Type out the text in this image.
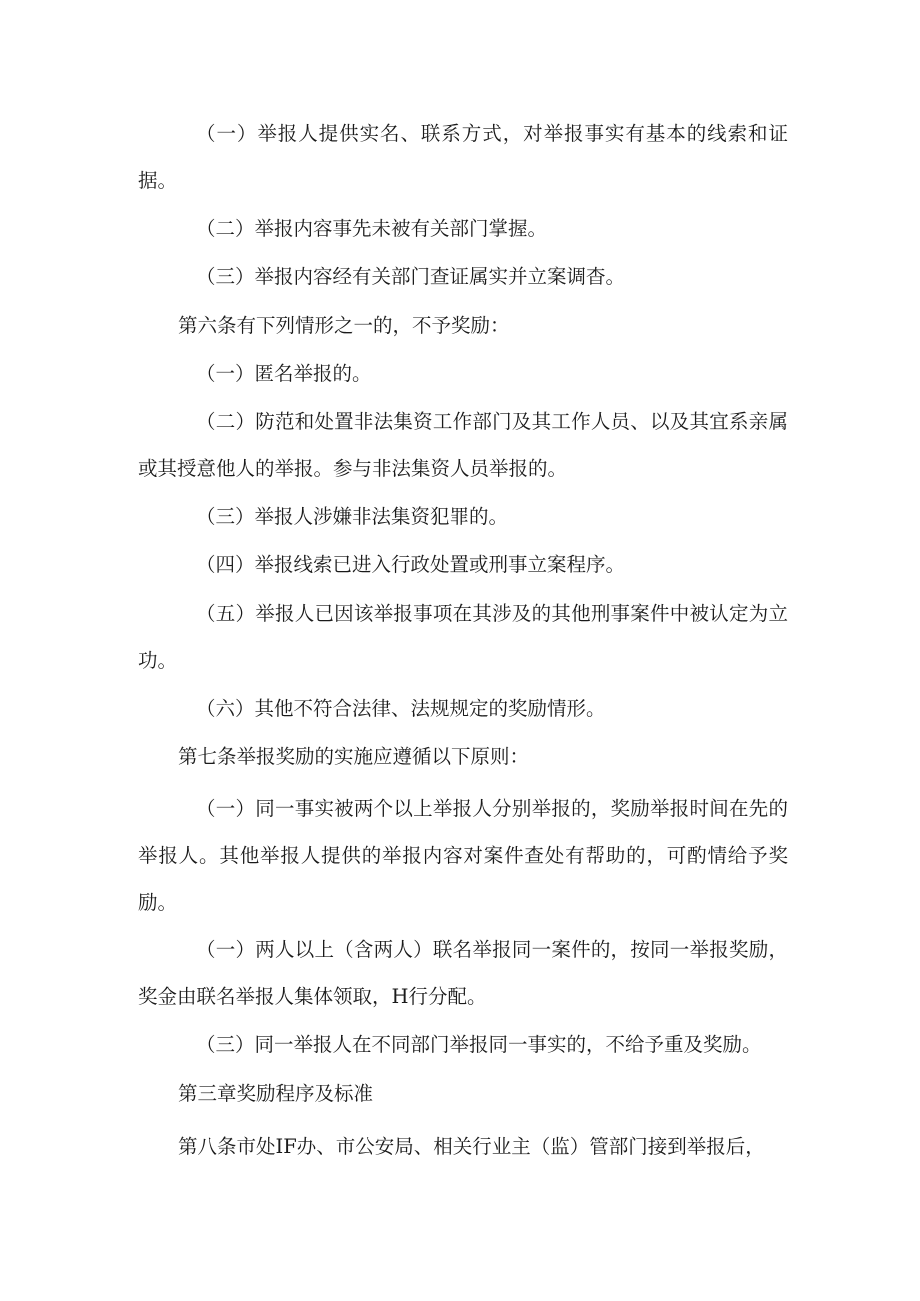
（一）举报人提供实名、联系方式，对举报事实有基本的线索和证据。

（二）举报内容事先未被有关部门掌握。

（三）举报内容经有关部门查证属实并立案调杳。

第六条有下列情形之一的，不予奖励：

（一）匿名举报的。

（二）防范和处置非法集资工作部门及其工作人员、以及其宜系亲属或其授意他人的举报。参与非法集资人员举报的。

（三）举报人涉嫌非法集资犯罪的。

（四）举报线索已进入行政处置或刑事立案程序。

（五）举报人已因该举报事项在其涉及的其他刑事案件中被认定为立功。

（六）其他不符合法律、法规规定的奖励情形。

第七条举报奖励的实施应遵循以下原则：

（一）同一事实被两个以上举报人分别举报的，奖励举报时间在先的举报人。其他举报人提供的举报内容对案件查处有帮助的，可酌情给予奖励。

（一）两人以上（含两人）联名举报同一案件的，按同一举报奖励，奖金由联名举报人集体领取，H行分配。

（三）同一举报人在不同部门举报同一事实的，不给予重及奖励。

第三章奖励程序及标准

第八条市处IF办、市公安局、相关行业主（监）管部门接到举报后，
